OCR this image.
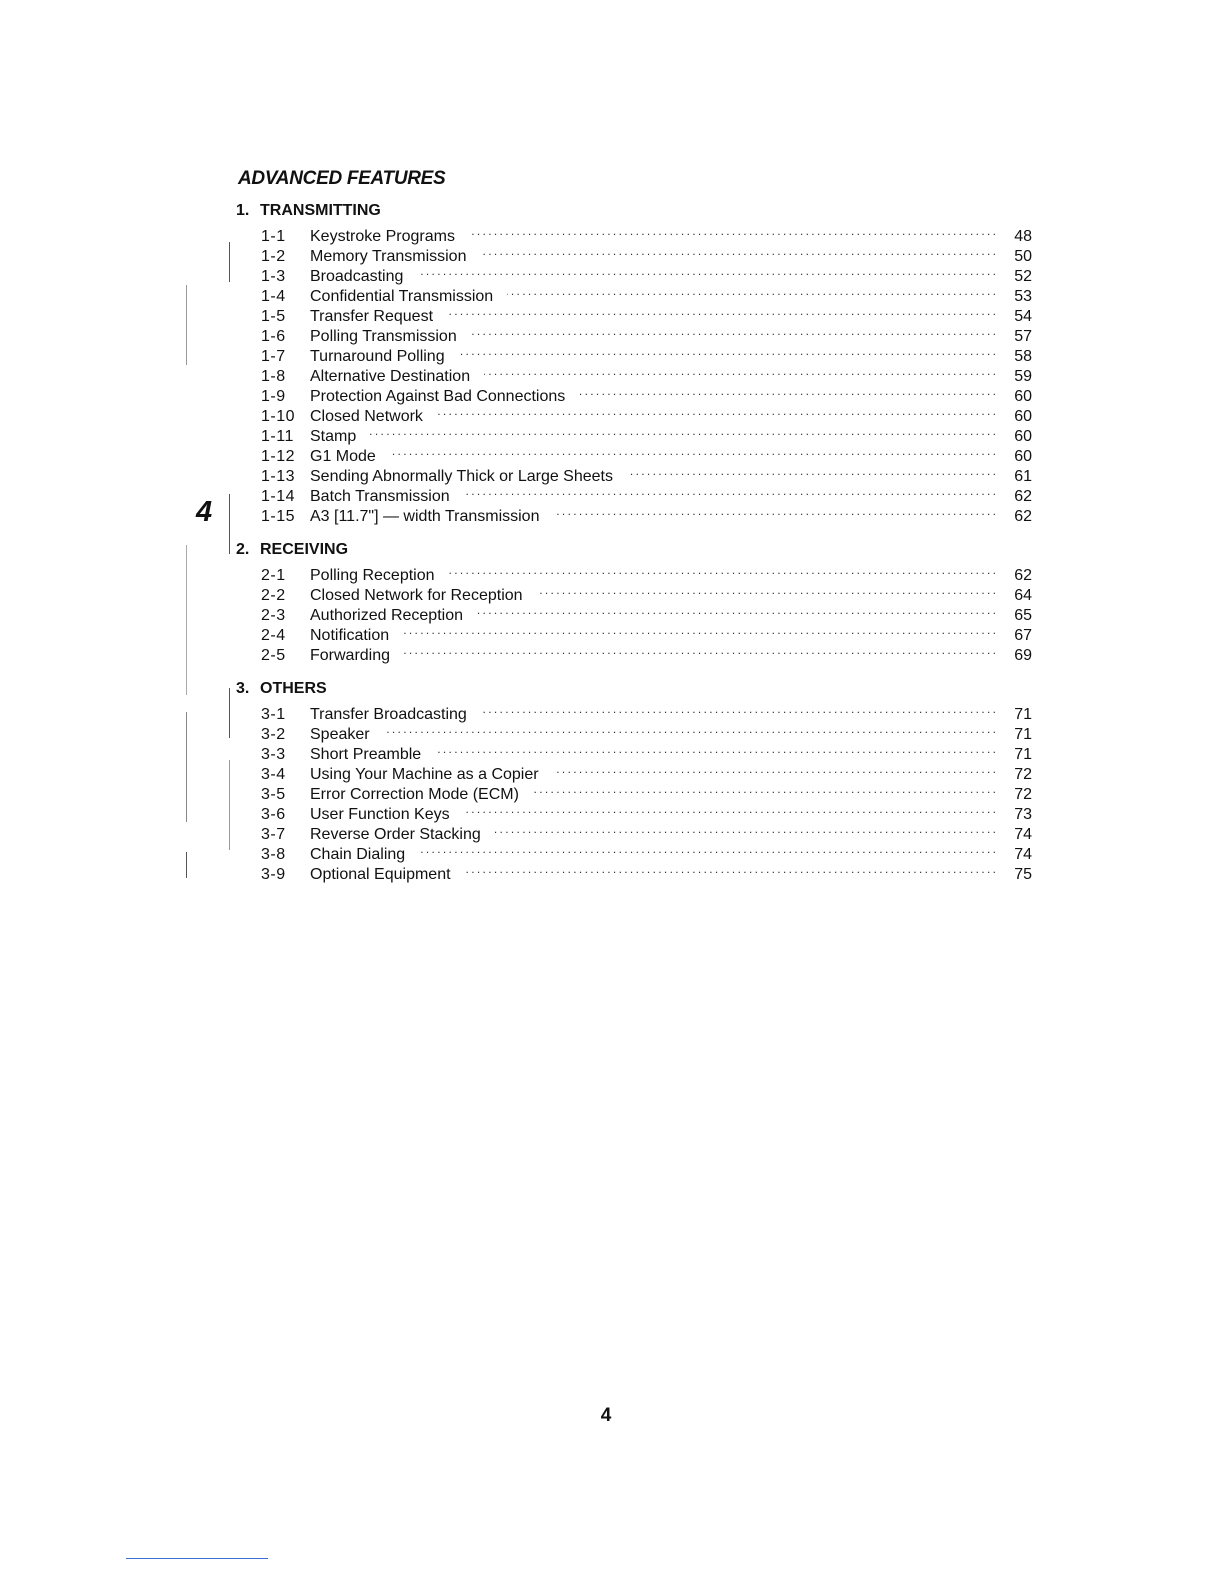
ADVANCED FEATURES
4
1. TRANSMITTING
1-1	Keystroke Programs . . .	48
1-2	Memory Transmission . . .	50
1-3	Broadcasting . . .	52
1-4	Confidential Transmission . . .	53
1-5	Transfer Request . . .	54
1-6	Polling Transmission . . .	57
1-7	Turnaround Polling . . .	58
1-8	Alternative Destination . . .	59
1-9	Protection Against Bad Connections . . .	60
1-10 Closed Network . . .	60
1-11	Stamp . . .	60
1-12 G1 Mode . . .	60
1-13 Sending Abnormally Thick or Large Sheets . . .	61
1-14 Batch Transmission . . .	62
1-15 A3 [11.7"] — width Transmission . . .	62
2. RECEIVING
2-1	Polling Reception . . .	62
2-2	Closed Network for Reception . . .	64
2-3	Authorized Reception . . .	65
2-4	Notification . . .	67
2-5	Forwarding . . .	69
3. OTHERS
3-1	Transfer Broadcasting . . .	71
3-2	Speaker . . .	71
3-3	Short Preamble . . .	71
3-4	Using Your Machine as a Copier . . .	72
3-5	Error Correction Mode (ECM) . . .	72
3-6	User Function Keys . . .	73
3-7	Reverse Order Stacking . . .	74
3-8	Chain Dialing . . .	74
3-9	Optional Equipment . . .	75
4
